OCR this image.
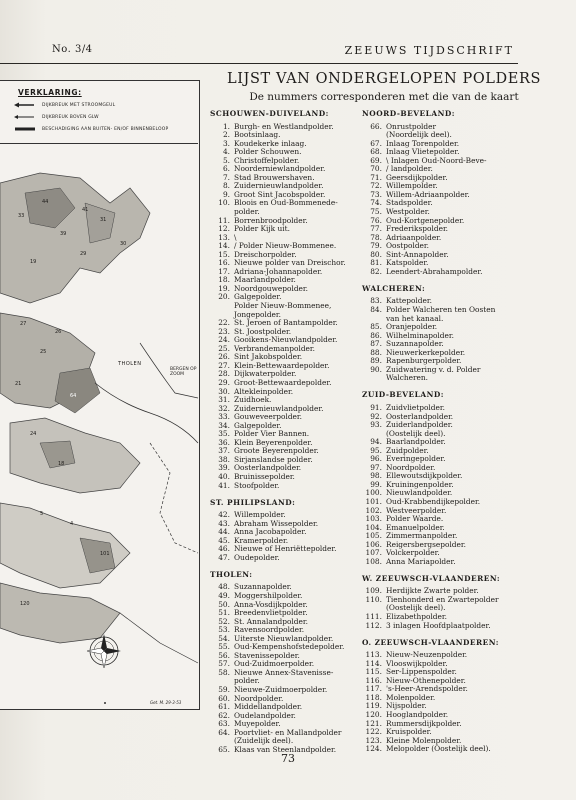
No. 3/4	ZEEUWS TIJDSCHRIFT
VERKLARING:
DIJKBREUK MET STROOMGEUL
DIJKBREUK BOVEN GLW
BESCHADIGING AAN BUITEN- EN/OF BINNENBELOOP
44
33
41
31
39
30
29
19
27
26
25
64
21
24
18
101
5
4
120
THOLEN
BERGEN OP ZOOM
Get. M. 29-3-53
LIJST VAN ONDERGELOPEN POLDERS
De nummers corresponderen met die van de kaart
SCHOUWEN-DUIVELAND:
1. Burgh- en Westlandpolder.
2. Bootsinlaag.
3. Koudekerke inlaag.
4. Polder Schouwen.
5. Christoffelpolder.
6. Noorderniewlandpolder.
7. Stad Brouwershaven.
8. Zuidernieuwlandpolder.
9. Groot Sint Jacobspolder.
10. Bloois en Oud-Bommenede-
polder.
11. Borrenbroodpolder.
12. Polder Kijk uit.
13. \
14. / Polder Nieuw-Bommenee.
15. Dreischorpolder.
16. Nieuwe polder van Dreischor.
17. Adriana-Johannapolder.
18. Maarlandpolder.
19. Noordgouwepolder.
20. Galgepolder.
Polder Nieuw-Bommenee,
Jongepolder.
22. St. Jeroen of Bantampolder.
23. St. Joostpolder.
24. Gooikens-Nieuwlandpolder.
25. Verbrandemanpolder.
26. Sint Jakobspolder.
27. Klein-Bettewaardepolder.
28. Dijkwaterpolder.
29. Groot-Bettewaardepolder.
30. Altekleinpolder.
31. Zuidhoek.
32. Zuidernieuwlandpolder.
33. Gouweveerpolder.
34. Galgepolder.
35. Polder Vier Bannen.
36. Klein Beyerenpolder.
37. Groote Beyerenpolder.
38. Sirjanslandse polder.
39. Oosterlandpolder.
40. Bruinissepolder.
41. Stoofpolder.
ST. PHILIPSLAND:
42. Willempolder.
43. Abraham Wissepolder.
44. Anna Jacobapolder.
45. Kramerpolder.
46. Nieuwe of Henriëttepolder.
47. Oudepolder.
THOLEN:
48. Suzannapolder.
49. Moggershilpolder.
50. Anna-Vosdijkpolder.
51. Breedenvlietpolder.
52. St. Annalandpolder.
53. Ravensoordpolder.
54. Uiterste Nieuwlandpolder.
55. Oud-Kempenshofstedepolder.
56. Stavenissepolder.
57. Oud-Zuidmoerpolder.
58. Nieuwe Annex-Stavenisse-
polder.
59. Nieuwe-Zuidmoerpolder.
60. Noordpolder.
61. Middellandpolder.
62. Oudelandpolder.
63. Muyepolder.
64. Poortvliet- en Mallandpolder
(Zuidelijk deel).
65. Klaas van Steenlandpolder.
NOORD-BEVELAND:
66. Onrustpolder
(Noordelijk deel).
67. Inlaag Torenpolder.
68. Inlaag Vlietepolder.
69. \ Inlagen Oud-Noord-Beve-
70. / landpolder.
71. Geersdijkpolder.
72. Willempolder.
73. Willem-Adriaanpolder.
74. Stadspolder.
75. Westpolder.
76. Oud-Kortgenepolder.
77. Frederikspolder.
78. Adriaanpolder.
79. Oostpolder.
80. Sint-Annapolder.
81. Katspolder.
82. Leendert-Abrahampolder.
WALCHEREN:
83. Kattepolder.
84. Polder Walcheren ten Oosten
van het kanaal.
85. Oranjepolder.
86. Wilhelminapolder.
87. Suzannapolder.
88. Nieuwerkerkepolder.
89. Rapenburgerpolder.
90. Zuidwatering v. d. Polder
Walcheren.
ZUID-BEVELAND:
91. Zuidvlietpolder.
92. Oosterlandpolder.
93. Zuiderlandpolder.
(Oostelijk deel).
94. Baarlandpolder.
95. Zuidpolder.
96. Everingepolder.
97. Noordpolder.
98. Ellewoutsdijkpolder.
99. Kruiningenpolder.
100. Nieuwlandpolder.
101. Oud-Krabbendijkepolder.
102. Westveerpolder.
103. Polder Waarde.
104. Emanuelpolder.
105. Zimmermanpolder.
106. Reigersbergsepolder.
107. Volckerpolder.
108. Anna Mariapolder.
W. ZEEUWSCH-VLAANDEREN:
109. Herdijkte Zwarte polder.
110. Tienhonderd en Zwartepolder
(Oostelijk deel).
111. Elizabethpolder.
112. 3 inlagen Hoofdplaatpolder.
O. ZEEUWSCH-VLAANDEREN:
113. Nieuw-Neuzenpolder.
114. Vlooswijkpolder.
115. Ser-Lippenspolder.
116. Nieuw-Othenepolder.
117. 's-Heer-Arendspolder.
118. Molenpolder.
119. Nijspolder.
120. Hooglandpolder.
121. Rummersdijkpolder.
122. Kruispolder.
123. Kleine Molenpolder.
124. Melopolder (Oostelijk deel).
73
